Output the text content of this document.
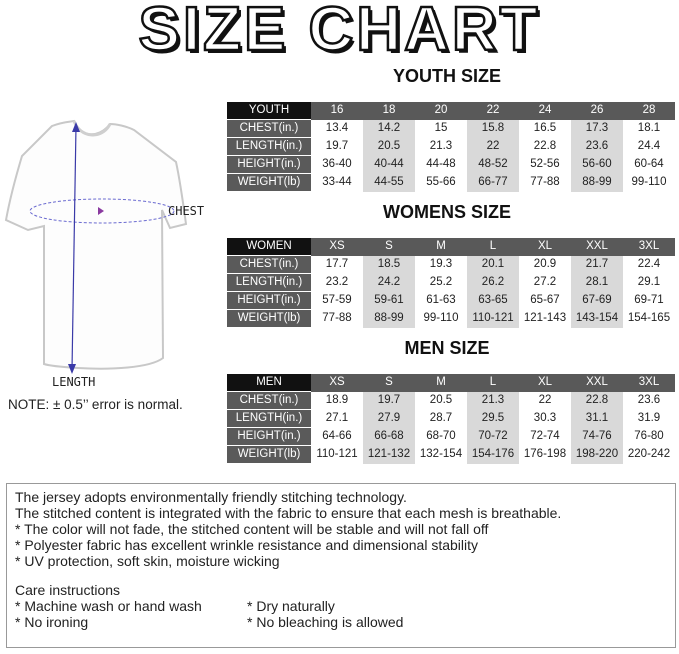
SIZE CHART
CHEST
LENGTH
NOTE: ± 0.5’’ error is normal.
YOUTH SIZE
WOMENS SIZE
MEN SIZE
YOUTH	16	18	20	22	24	26	28
CHEST(in.)	13.4	14.2	15	15.8	16.5	17.3	18.1
LENGTH(in.)	19.7	20.5	21.3	22	22.8	23.6	24.4
HEIGHT(in.)	36-40	40-44	44-48	48-52	52-56	56-60	60-64
WEIGHT(lb)	33-44	44-55	55-66	66-77	77-88	88-99	99-110
WOMEN	XS	S	M	L	XL	XXL	3XL
CHEST(in.)	17.7	18.5	19.3	20.1	20.9	21.7	22.4
LENGTH(in.)	23.2	24.2	25.2	26.2	27.2	28.1	29.1
HEIGHT(in.)	57-59	59-61	61-63	63-65	65-67	67-69	69-71
WEIGHT(lb)	77-88	88-99	99-110	110-121	121-143	143-154	154-165
MEN	XS	S	M	L	XL	XXL	3XL
CHEST(in.)	18.9	19.7	20.5	21.3	22	22.8	23.6
LENGTH(in.)	27.1	27.9	28.7	29.5	30.3	31.1	31.9
HEIGHT(in.)	64-66	66-68	68-70	70-72	72-74	74-76	76-80
WEIGHT(lb)	110-121	121-132	132-154	154-176	176-198	198-220	220-242
The jersey adopts environmentally friendly stitching technology.
The stitched content is integrated with the fabric to ensure that each mesh is breathable.
* The color will not fade, the stitched content will be stable and will not fall off
* Polyester fabric has excellent wrinkle resistance and dimensional stability
* UV protection, soft skin, moisture wicking
Care instructions
* Machine wash or hand wash
* No ironing
* Dry naturally
* No bleaching is allowed
